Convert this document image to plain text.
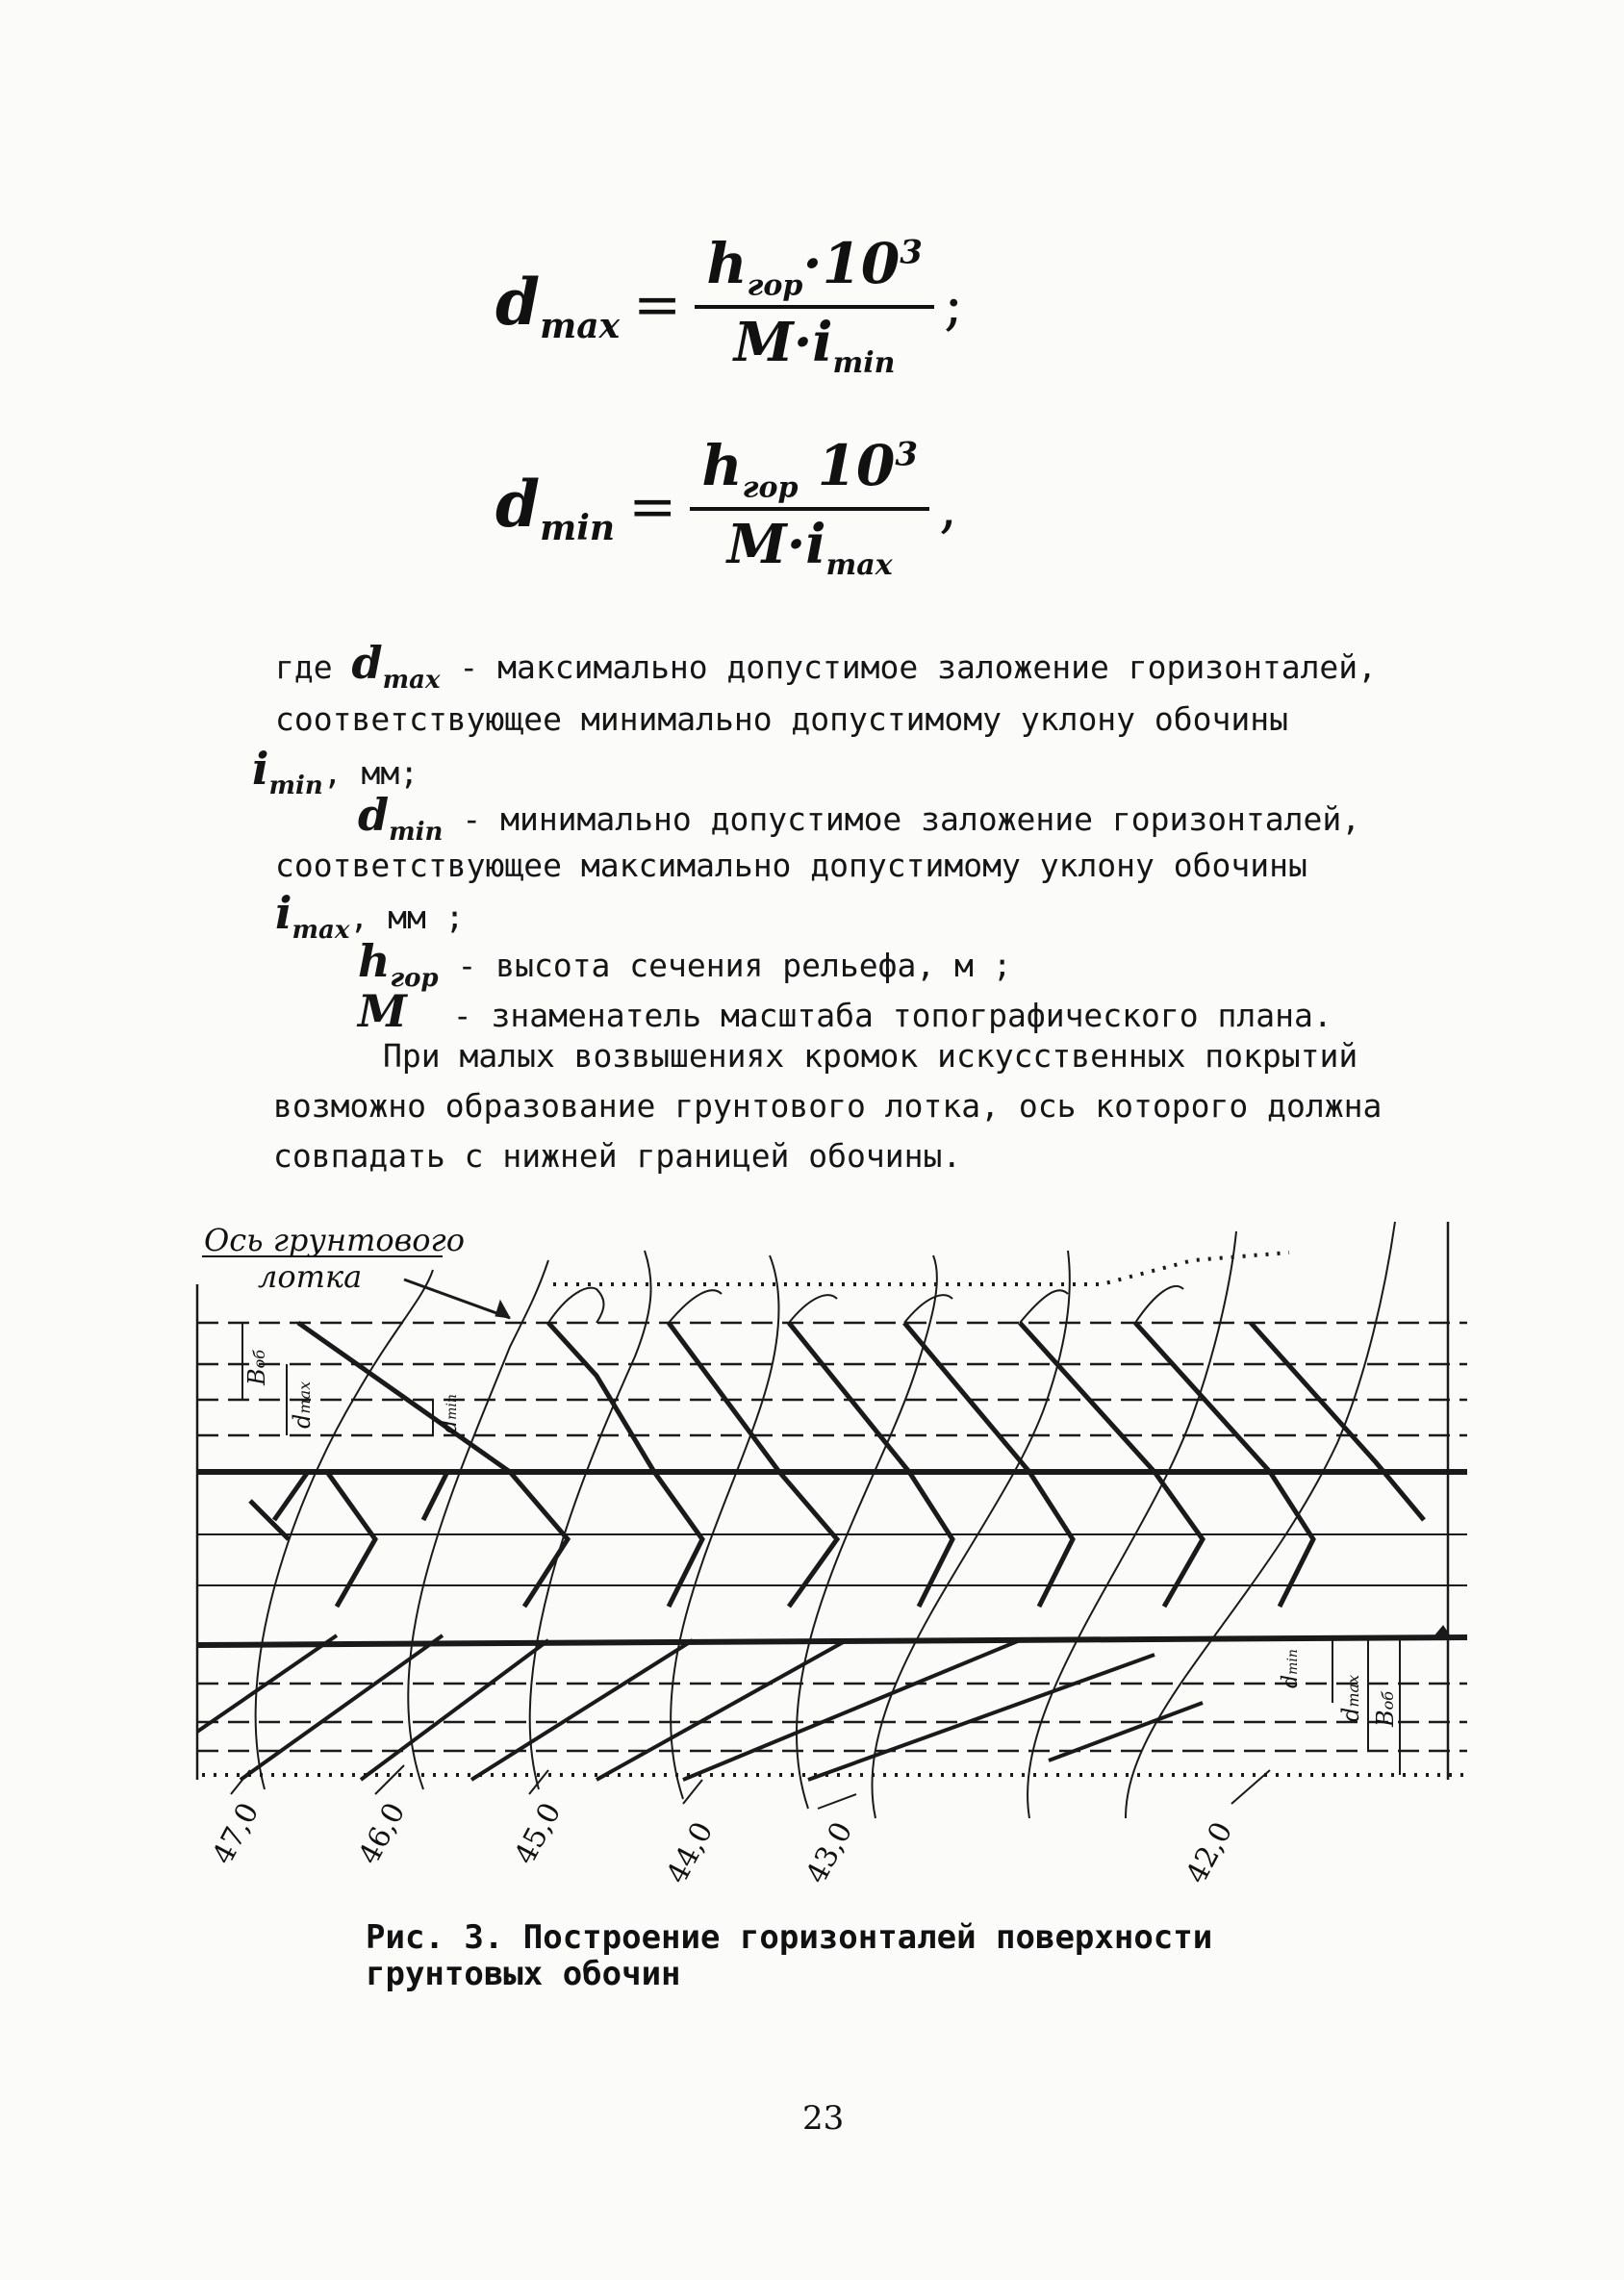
$d_{max} = \frac{h_{гор}\cdot 10^3}{M\cdot i_{min}}$ ;
$d_{min} = \frac{h_{гор} 10^3}{M\cdot i_{max}}$ ,

где $d_{max}$ - максимально допустимое заложение горизонталей,

соответствующее минимально допустимому уклону обочины

$i_{min}$, мм;

$d_{min}$ - минимально допустимое заложение горизонталей,

соответствующее максимально допустимому уклону обочины

$i_{max}$, мм ;

$h_{гор}$ - высота сечения рельефа, м ;

M - знаменатель масштаба топографического плана.

При малых возвышениях кромок искусственных покрытий

возможно образование грунтового лотка, ось которого должна

совпадать с нижней границей обочины.

Ось грунтового
лотка
Bоб
dmax
dmin
dmin
dmax
Bоб
47,0	46,0	45,0	44,0	43,0	42,0
Рис. 3. Построение горизонталей поверхности
грунтовых обочин
23
